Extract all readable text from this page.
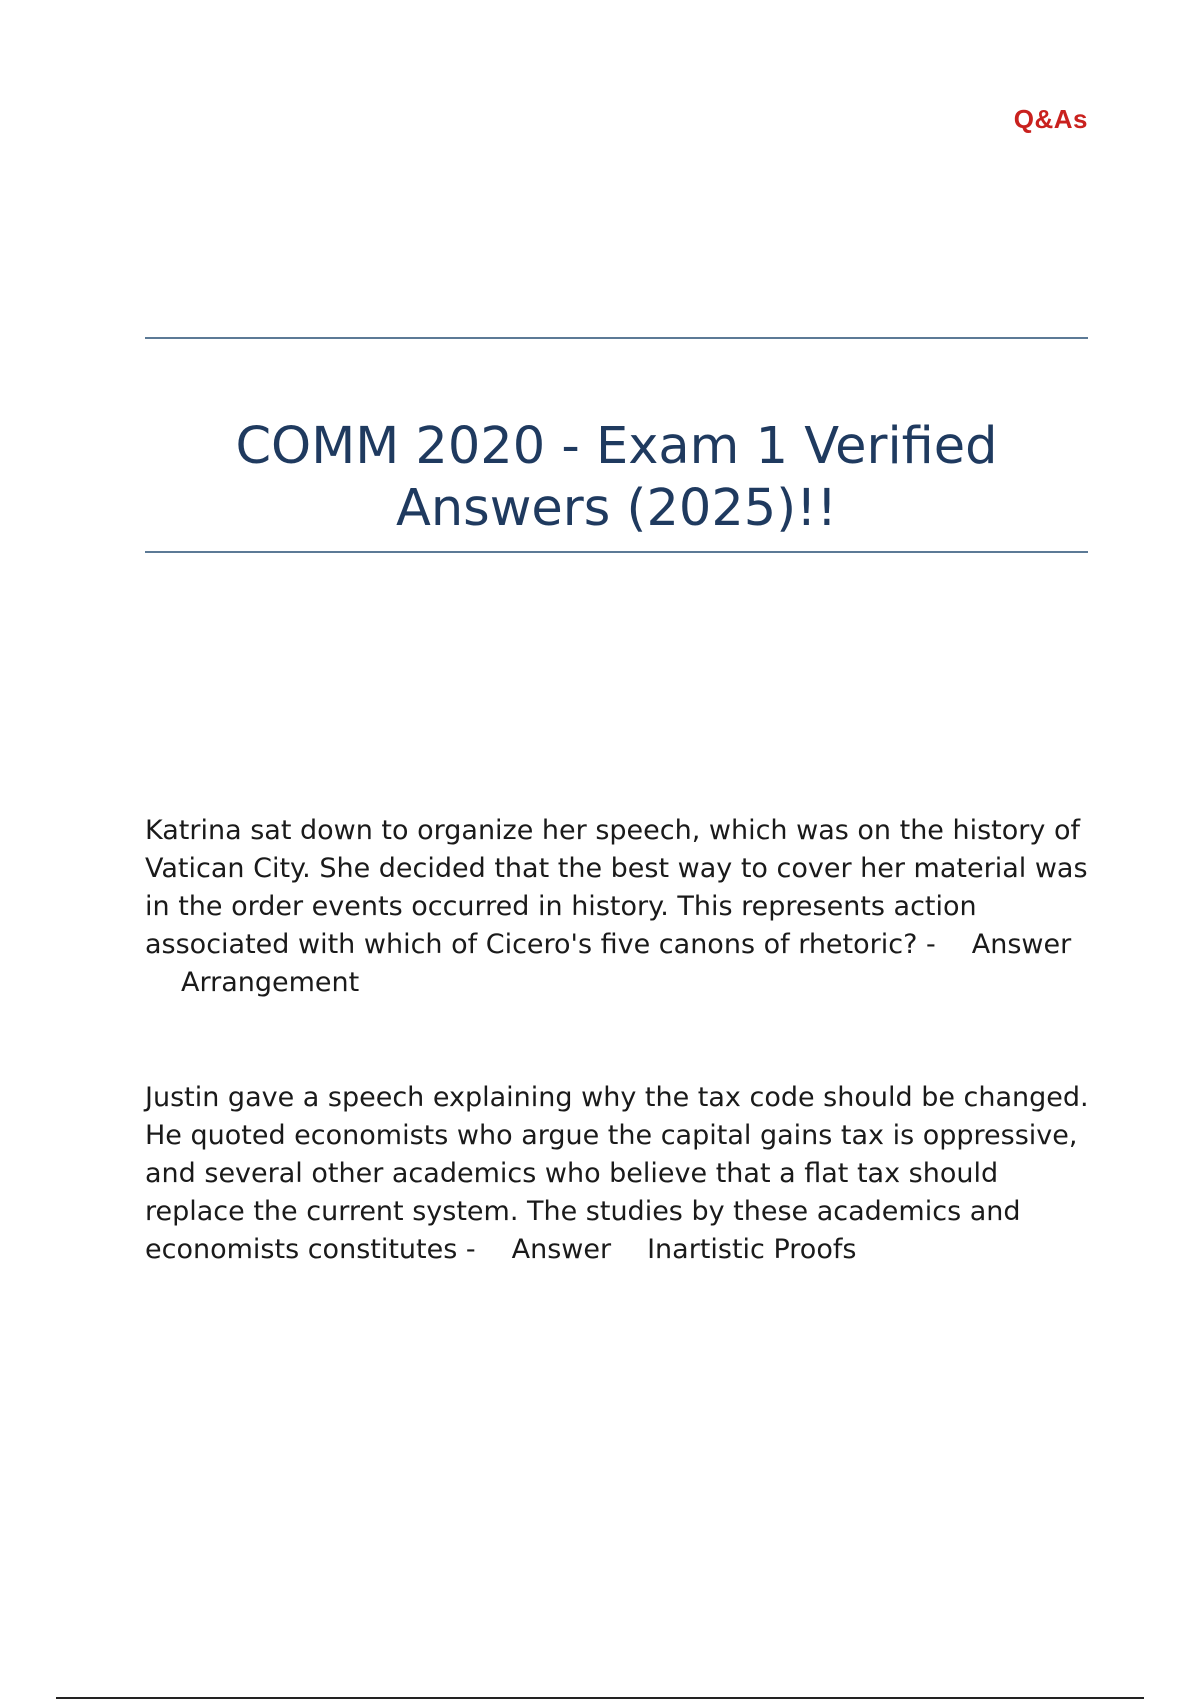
Q&As
COMM 2020 - Exam 1 Verified Answers (2025)!!
Katrina sat down to organize her speech, which was on the history of Vatican City. She decided that the best way to cover her material was in the order events occurred in history. This represents action associated with which of Cicero's five canons of rhetoric? - AnswerArrangement
Justin gave a speech explaining why the tax code should be changed. He quoted economists who argue the capital gains tax is oppressive, and several other academics who believe that a flat tax should replace the current system. The studies by these academics and economists constitutes - Answer Inartistic Proofs
